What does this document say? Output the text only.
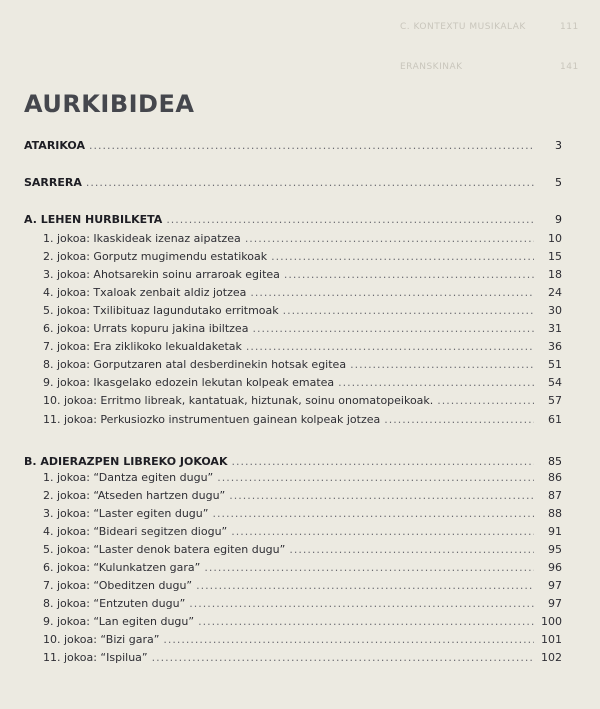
C. KONTEXTU MUSIKALAK	111
ERANSKINAK	141
AURKIBIDEA
ATARIKOA .....	3
SARRERA .....	5
A. LEHEN HURBILKETA .....	9
1. jokoa: Ikaskideak izenaz aipatzea .....	10
2. jokoa: Gorputz mugimendu estatikoak .....	15
3. jokoa: Ahotsarekin soinu arraroak egitea .....	18
4. jokoa: Txaloak zenbait aldiz jotzea .....	24
5. jokoa: Txilibituaz lagundutako erritmoak .....	30
6. jokoa: Urrats kopuru jakina ibiltzea .....	31
7. jokoa: Era ziklikoko lekualdaketak .....	36
8. jokoa: Gorputzaren atal desberdinekin hotsak egitea .....	51
9. jokoa: Ikasgelako edozein lekutan kolpeak ematea .....	54
10. jokoa: Erritmo libreak, kantatuak, hiztunak, soinu onomatopeikoak. .....	57
11. jokoa: Perkusiozko instrumentuen gainean kolpeak jotzea .....	61
B. ADIERAZPEN LIBREKO JOKOAK .....	85
1. jokoa: “Dantza egiten dugu” .....	86
2. jokoa: “Atseden hartzen dugu” .....	87
3. jokoa: “Laster egiten dugu” .....	88
4. jokoa: “Bideari segitzen diogu” .....	91
5. jokoa: “Laster denok batera egiten dugu” .....	95
6. jokoa: “Kulunkatzen gara” .....	96
7. jokoa: “Obeditzen dugu” .....	97
8. jokoa: “Entzuten dugu” .....	97
9. jokoa: “Lan egiten dugu” .....	100
10. jokoa: “Bizi gara” .....	101
11. jokoa: “Ispilua” .....	102
